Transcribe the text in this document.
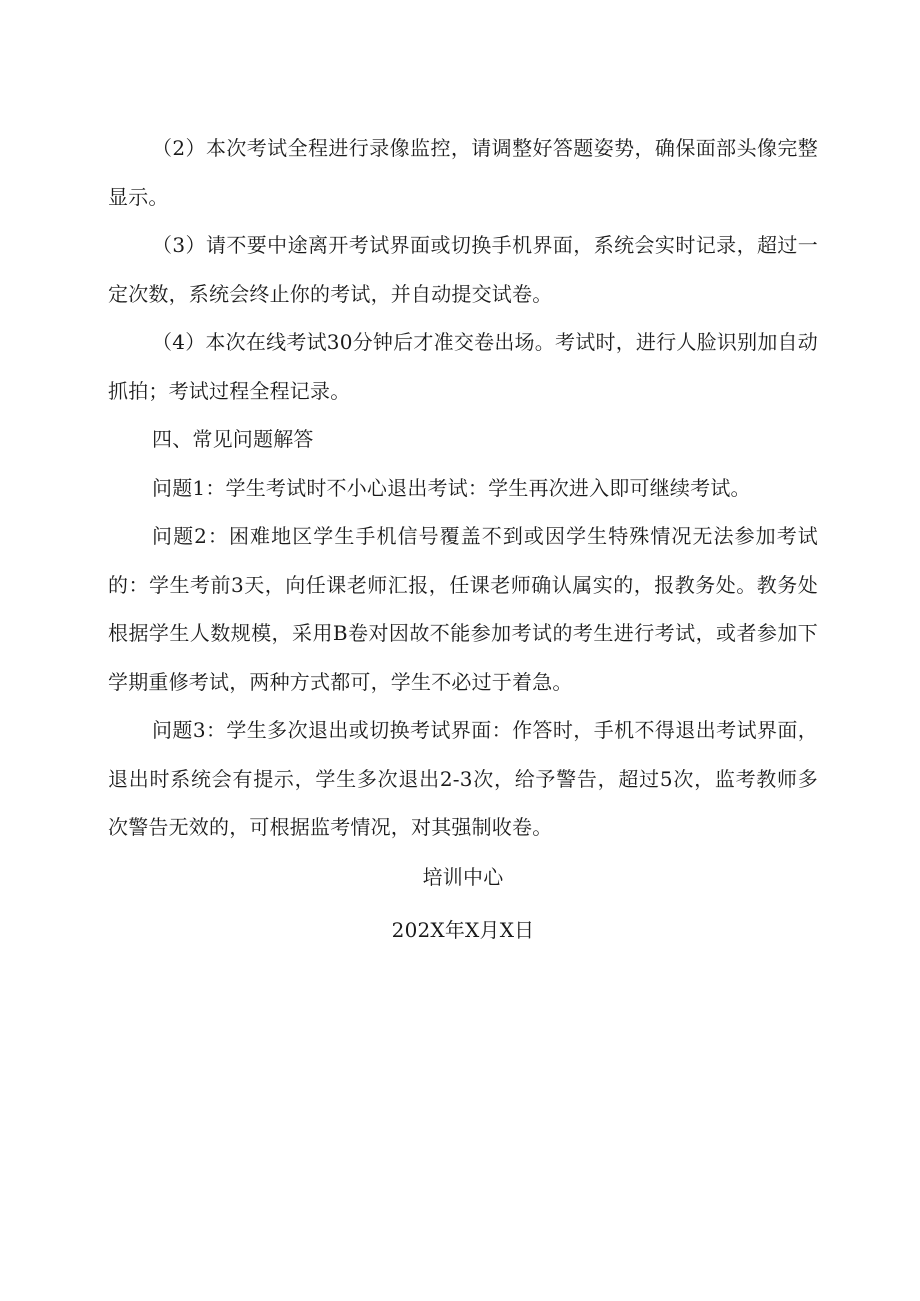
（2）本次考试全程进行录像监控，请调整好答题姿势，确保面部头像完整显示。

（3）请不要中途离开考试界面或切换手机界面，系统会实时记录，超过一定次数，系统会终止你的考试，并自动提交试卷。

（4）本次在线考试30分钟后才准交卷出场。考试时，进行人脸识别加自动抓拍；考试过程全程记录。

四、常见问题解答

问题1：学生考试时不小心退出考试：学生再次进入即可继续考试。

问题2：困难地区学生手机信号覆盖不到或因学生特殊情况无法参加考试的：学生考前3天，向任课老师汇报，任课老师确认属实的，报教务处。教务处根据学生人数规模，采用B卷对因故不能参加考试的考生进行考试，或者参加下学期重修考试，两种方式都可，学生不必过于着急。

问题3：学生多次退出或切换考试界面：作答时，手机不得退出考试界面，退出时系统会有提示，学生多次退出2-3次，给予警告，超过5次，监考教师多次警告无效的，可根据监考情况，对其强制收卷。

培训中心

202X年X月X日
